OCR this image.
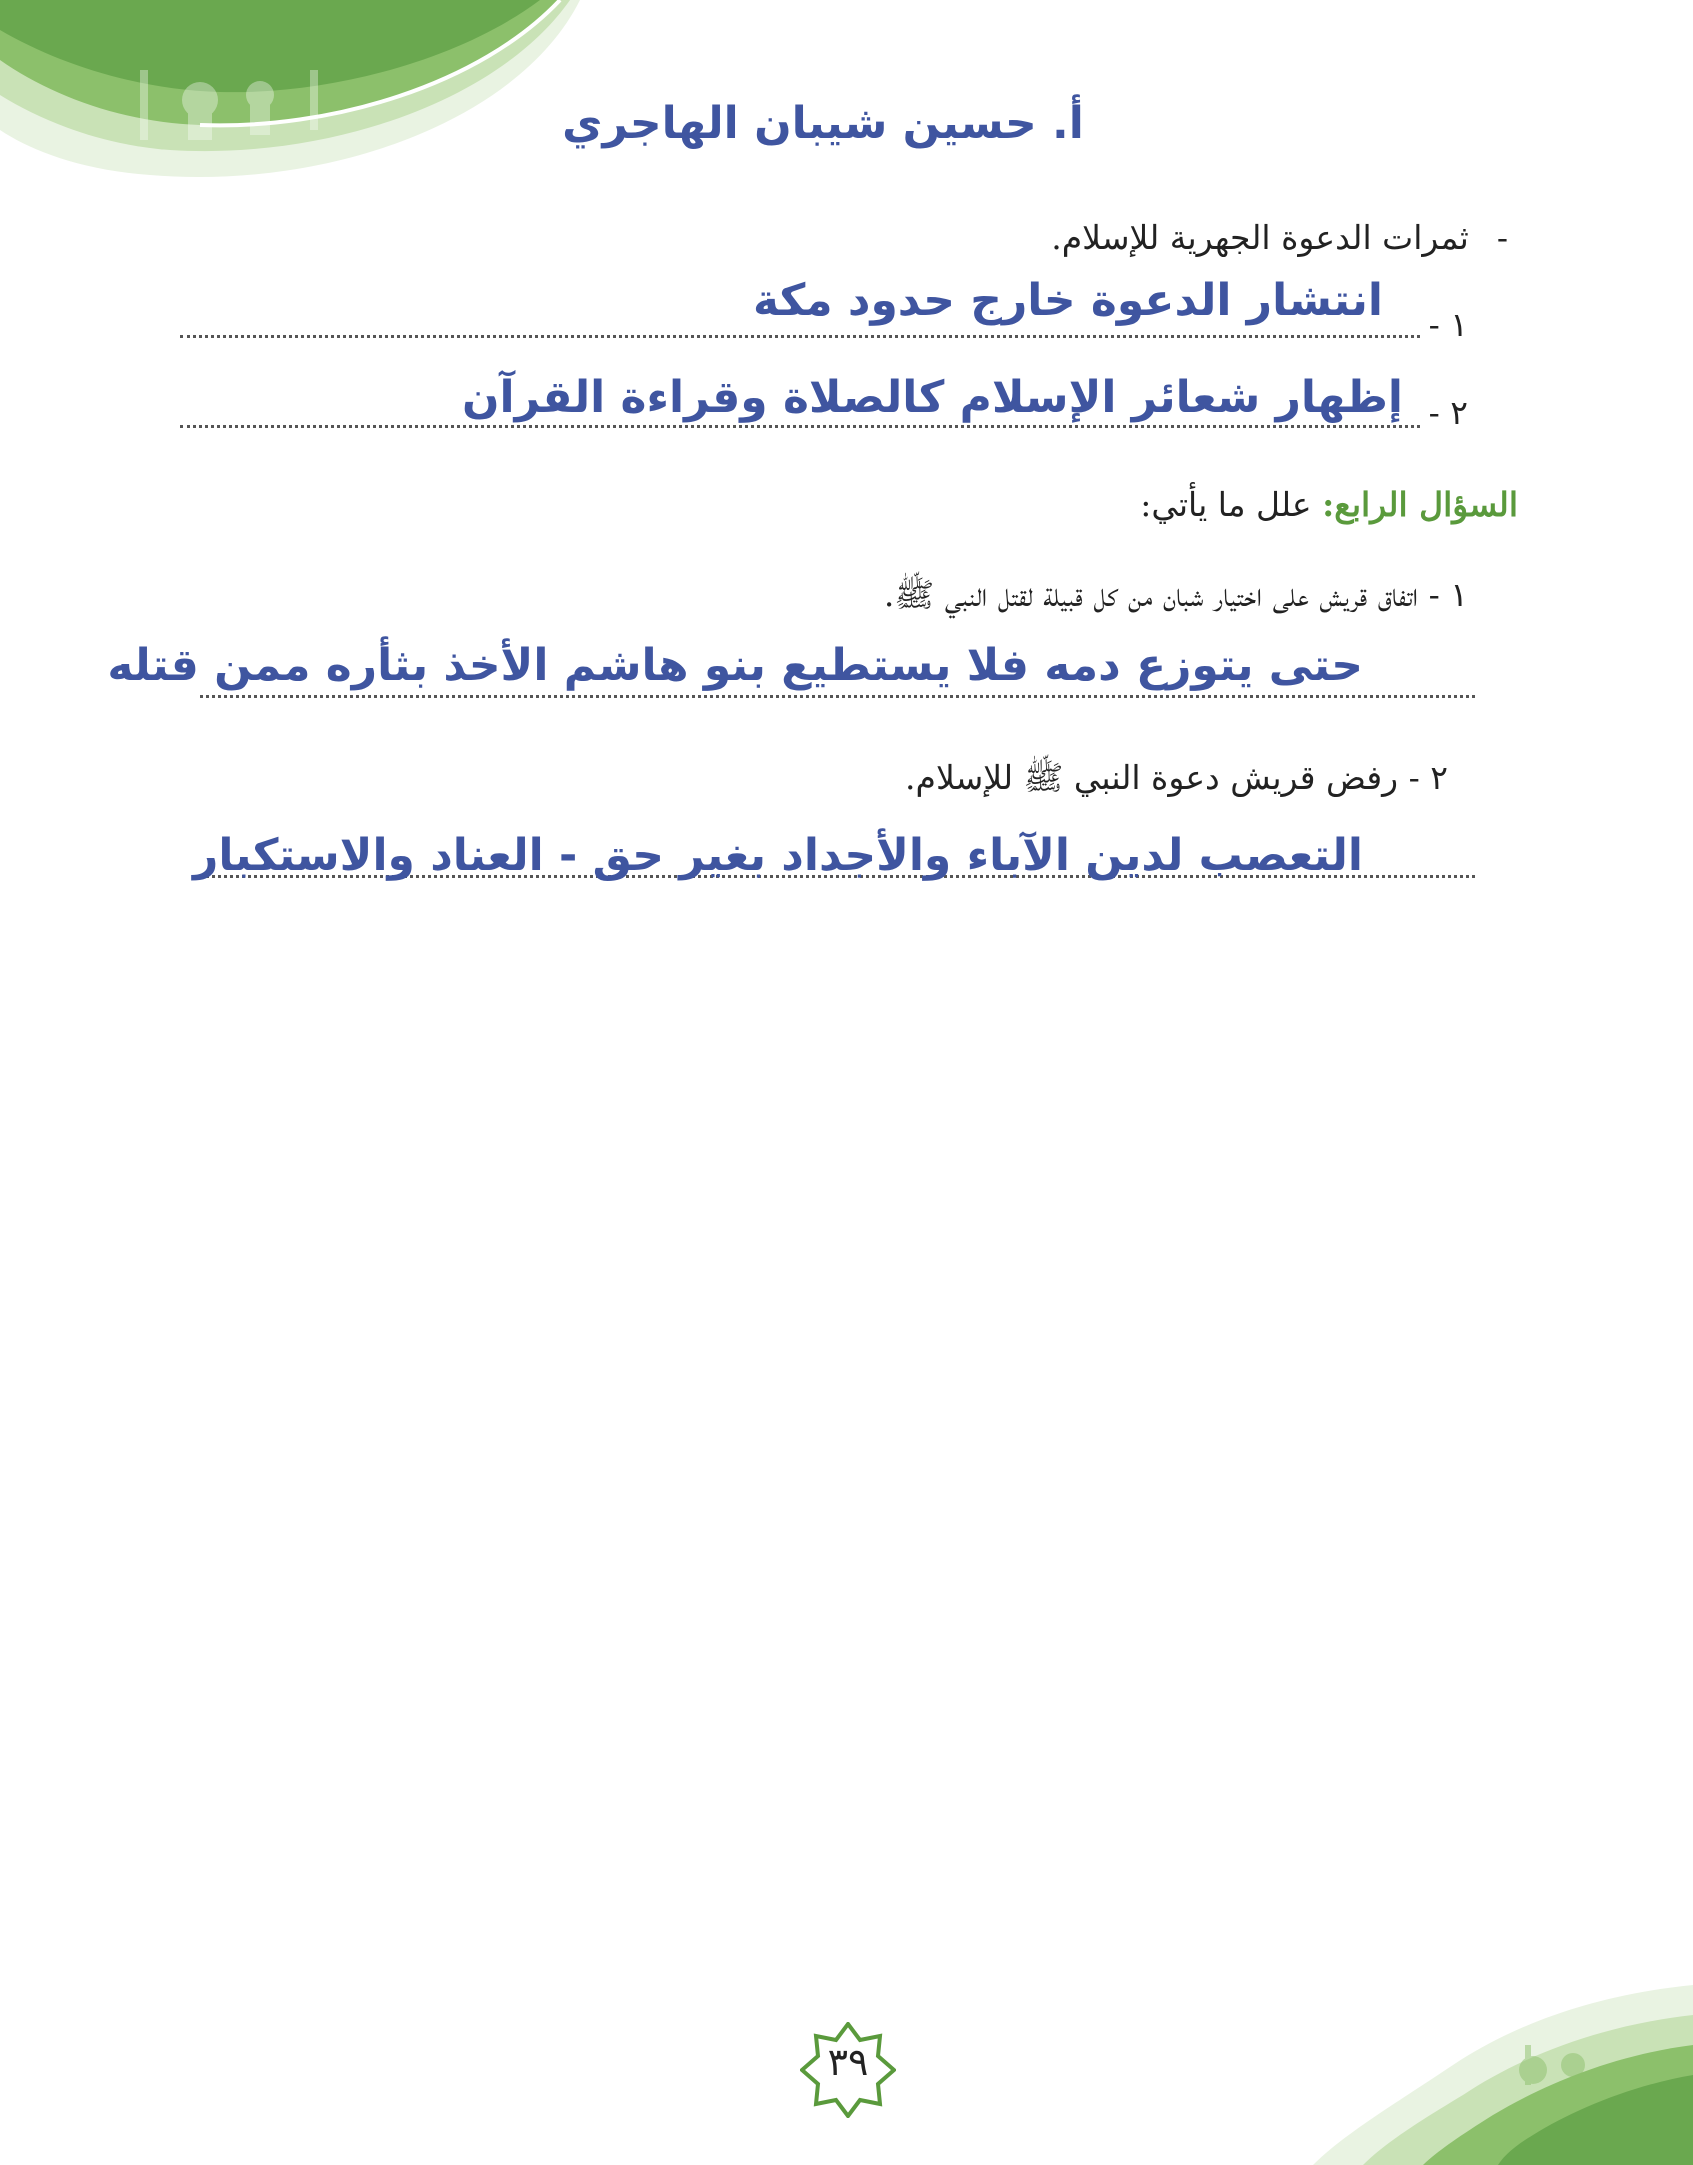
أ. حسين شيبان الهاجري
-ثمرات الدعوة الجهرية للإسلام.
١ -
انتشار الدعوة خارج حدود مكة
٢ -
إظهار شعائر الإسلام كالصلاة وقراءة القرآن
السؤال الرابع: علل ما يأتي:
١ - اتفاق قريش على اختيار شبان من كل قبيلة لقتل النبي ﷺ.
حتى يتوزع دمه فلا يستطيع بنو هاشم الأخذ بثأره ممن قتله
٢ - رفض قريش دعوة النبي ﷺ للإسلام.
التعصب لدين الآباء والأجداد بغير حق - العناد والاستكبار
٣٩
